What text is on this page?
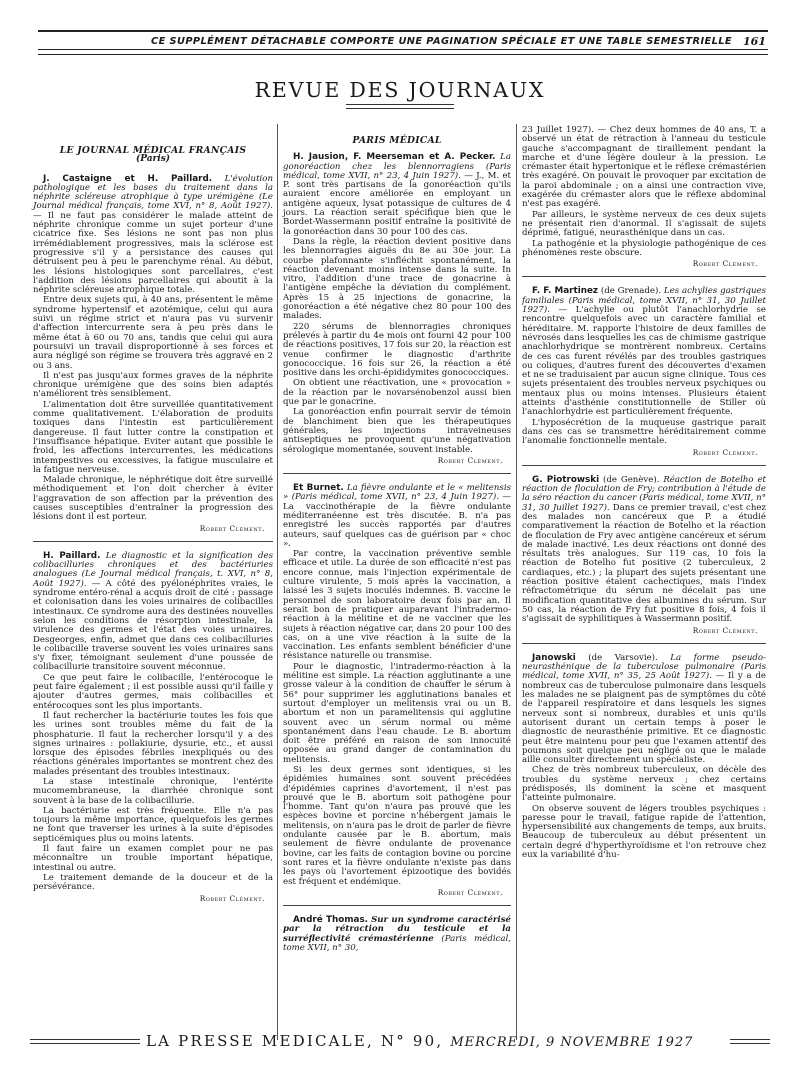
CE SUPPLÉMENT DÉTACHABLE COMPORTE UNE PAGINATION SPÉCIALE ET UNE TABLE SEMESTRIELLE 161
REVUE DES JOURNAUX
LE JOURNAL MÉDICAL FRANÇAIS
(Paris)

J. Castaigne et H. Paillard. L'évolution pathologique et les bases du traitement dans la néphrite scléreuse atrophique à type urémigène (Le Journal médical français, tome XVI, n° 8, Août 1927). — Il ne faut pas considérer le malade atteint de néphrite chronique comme un sujet porteur d'une cicatrice fixe. Ses lésions ne sont pas non plus irrémédiablement progressives, mais la sclérose est progressive s'il y a persistance des causes qui détruisent peu à peu le parenchyme rénal. Au début, les lésions histologiques sont parcellaires, c'est l'addition des lésions parcellaires qui aboutit à la néphrite scléreuse atrophique totale.

Entre deux sujets qui, à 40 ans, présentent le même syndrome hypertensif et azotémique, celui qui aura suivi un régime strict et n'aura pas vu survenir d'affection intercurrente sera à peu près dans le même état à 60 ou 70 ans, tandis que celui qui aura poursuivi un travail disproportionné à ses forces et aura négligé son régime se trouvera très aggravé en 2 ou 3 ans.

Il n'est pas jusqu'aux formes graves de la néphrite chronique urémigène que des soins bien adaptés n'améliorent très sensiblement.

L'alimentation doit être surveillée quantitativement comme qualitativement. L'élaboration de produits toxiques dans l'intestin est particulièrement dangereuse. Il faut lutter contre la constipation et l'insuffisance hépatique. Eviter autant que possible le froid, les affections intercurrentes, les médications intempestives ou excessives, la fatigue musculaire et la fatigue nerveuse.

Malade chronique, le néphrétique doit être surveillé méthodiquement et l'on doit chercher à éviter l'aggravation de son affection par la prévention des causes susceptibles d'entraîner la progression des lésions dont il est porteur.

Robert Clément.

H. Paillard. Le diagnostic et la signification des colibacilluries chroniques et des bactériuries analogues (Le Journal médical français, t. XVI, n° 8, Août 1927). — A côté des pyélonéphrites vraies, le syndrome entéro-rénal a acquis droit de cité : passage et colonisation dans les voies urinaires de colibacilles intestinaux. Ce syndrome aura des destinées nouvelles selon les conditions de résorption intestinale, la virulence des germes et l'état des voies urinaires. Desgeorges, enfin, admet que dans ces colibacilluries le colibacille traverse souvent les voies urinaires sans s'y fixer, témoignant seulement d'une poussée de colibacillurie transitoire souvent méconnue.

Ce que peut faire le colibacille, l'entérocoque le peut faire également ; il est possible aussi qu'il faille y ajouter d'autres germes, mais colibacilles et entérocoques sont les plus importants.

Il faut rechercher la bactériurie toutes les fois que les urines sont troubles même du fait de la phosphaturie. Il faut la rechercher lorsqu'il y a des signes urinaires : pollakiurie, dysurie, etc., et aussi lorsque des épisodes fébriles inexpliqués ou des réactions générales importantes se montrent chez des malades présentant des troubles intestinaux.

La stase intestinale chronique, l'entérite mucomembraneuse, la diarrhée chronique sont souvent à la base de la colibacillurie.

La bactériurie est très fréquente. Elle n'a pas toujours la même importance, quelquefois les germes ne font que traverser les urines à la suite d'épisodes septicémiques plus ou moins latents.

Il faut faire un examen complet pour ne pas méconnaître un trouble important hépatique, intestinal ou autre.

Le traitement demande de la douceur et de la persévérance.

Robert Clément.
PARIS MÉDICAL

H. Jausion, F. Meerseman et A. Pecker. La gonoréaction chez les blennorragiens (Paris médical, tome XVII, n° 23, 4 Juin 1927). — J., M. et P. sont très partisans de la gonoréaction qu'ils auraient encore améliorée en employant un antigène aqueux, lysat potassique de cultures de 4 jours. La réaction serait spécifique bien que le Bordet-Wassermann positif entraîne la positivité de la gonoréaction dans 30 pour 100 des cas.

Dans la règle, la réaction devient positive dans les blennorragies aiguës du 8e au 30e jour. La courbe plafonnante s'infléchit spontanément, la réaction devenant moins intense dans la suite. In vitro, l'addition d'une trace de gonacrine à l'antigène empêche la déviation du complément. Après 15 à 25 injections de gonacrine, la gonoréaction a été négative chez 80 pour 100 des malades.

220 sérums de blennorragies chroniques prélevés à partir du 4e mois ont fourni 42 pour 100 de réactions positives, 17 fois sur 20, la réaction est venue confirmer le diagnostic d'arthrite gonococcique. 16 fois sur 26, la réaction a été positive dans les orchi-épididymites gonococciques.

On obtient une réactivation, une « provocation » de la réaction par le novarsénobenzol aussi bien que par le gonacrine.

La gonoréaction enfin pourrait servir de témoin de blanchiment bien que les thérapeutiques générales, les injections intraveineuses antiseptiques ne provoquent qu'une négativation sérologique momentanée, souvent instable.

Robert Clément.

Et Burnet. La fièvre ondulante et le « melitensis » (Paris médical, tome XVII, n° 23, 4 Juin 1927). — La vaccinothérapie de la fièvre ondulante méditerranéenne est très discutée. B. n'a pas enregistré les succès rapportés par d'autres auteurs, sauf quelques cas de guérison par « choc ».

Par contre, la vaccination préventive semble efficace et utile. La durée de son efficacité n'est pas encore connue, mais l'injection expérimentale de culture virulente, 5 mois après la vaccination, a laissé les 3 sujets inoculés indemnes. B. vaccine le personnel de son laboratoire deux fois par an. Il serait bon de pratiquer auparavant l'intradermo-réaction à la mélitine et de ne vacciner que les sujets à réaction négative car, dans 20 pour 100 des cas, on a une vive réaction à la suite de la vaccination. Les enfants semblent bénéficier d'une résistance naturelle ou transmise.

Pour le diagnostic, l'intradermo-réaction à la mélitine est simple. La réaction agglutinante a une grosse valeur à la condition de chauffer le sérum à 56° pour supprimer les agglutinations banales et surtout d'employer un melitensis vrai ou un B. abortum et non un paramelitensis qui agglutine souvent avec un sérum normal ou même spontanément dans l'eau chaude. Le B. abortum doit être préféré en raison de son innocuité opposée au grand danger de contamination du melitensis.

Si les deux germes sont identiques, si les épidémies humaines sont souvent précédées d'épidémies caprines d'avortement, il n'est pas prouvé que le B. abortum soit pathogène pour l'homme. Tant qu'on n'aura pas prouvé que les espèces bovine et porcine n'hébergent jamais le melitensis, on n'aura pas le droit de parler de fièvre ondulante causée par le B. abortum, mais seulement de fièvre ondulante de provenance bovine, car les faits de contagion bovine ou porcine sont rares et la fièvre ondulante n'existe pas dans les pays où l'avortement épizootique des bovidés est fréquent et endémique.

Robert Clément.

André Thomas. Sur un syndrome caractérisé par la rétraction du testicule et la surréflectivité crémastérienne (Paris médical, tome XVII, n° 30,

23 Juillet 1927). — Chez deux hommes de 40 ans, T. a observé un état de rétraction à l'anneau du testicule gauche s'accompagnant de tiraillement pendant la marche et d'une légère douleur à la pression. Le crémaster était hypertonique et le réflexe crémastérien très exagéré. On pouvait le provoquer par excitation de la paroi abdominale ; on a ainsi une contraction vive, exagérée du crémaster alors que le réflexe abdominal n'est pas exagéré.

Par ailleurs, le système nerveux de ces deux sujets ne présentait rien d'anormal. Il s'agissait de sujets déprimé, fatigué, neurasthénique dans un cas.

La pathogénie et la physiologie pathogénique de ces phénomènes reste obscure.

Robert Clément.

F. F. Martinez (de Grenade). Les achylies gastriques familiales (Paris médical, tome XVII, n° 31, 30 Juillet 1927). — L'achylie ou plutôt l'anachlorhydrie se rencontre quelquefois avec un caractère familial et héréditaire. M. rapporte l'histoire de deux familles de névrosés dans lesquelles les cas de chimisme gastrique anachlorhydrique se montrèrent nombreux. Certains de ces cas furent révélés par des troubles gastriques ou coliques, d'autres furent des découvertes d'examen et ne se traduisaient par aucun signe clinique. Tous ces sujets présentaient des troubles nerveux psychiques ou mentaux plus ou moins intenses. Plusieurs étaient atteints d'asthénie constitutionnelle de Stiller où l'anachlorhydrie est particulièrement fréquente.

L'hyposécrétion de la muqueuse gastrique parait dans ces cas se transmettre héréditairement comme l'anomalie fonctionnelle mentale.

Robert Clément.

G. Piotrowski (de Genève). Réaction de Botelho et réaction de floculation de Fry; contribution à l'étude de la séro réaction du cancer (Paris médical, tome XVII, n° 31, 30 Juillet 1927). Dans ce premier travail, c'est chez des malades non cancéreux que P. a étudié comparativement la réaction de Botelho et la réaction de floculation de Fry avec antigène cancéreux et sérum de malade inactivé. Les deux réactions ont donné des résultats très analogues. Sur 119 cas, 10 fois la réaction de Botelho fut positive (2 tuberculeux, 2 cardiaques, etc.) ; la plupart des sujets présentant une réaction positive étaient cachectiques, mais l'index réfractométrique du sérum ne décelait pas une modification quantitative des albumines du sérum. Sur 50 cas, la réaction de Fry fut positive 8 fois, 4 fois il s'agissait de syphilitiques à Wassermann positif.

Robert Clément.

Janowski (de Varsovie). La forme pseudo-neurasthénique de la tuberculose pulmonaire (Paris médical, tome XVII, n° 35, 25 Août 1927). — Il y a de nombreux cas de tuberculose pulmonaire dans lesquels les malades ne se plaignent pas de symptômes du côté de l'appareil respiratoire et dans lesquels les signes nerveux sont si nombreux, durables et unis qu'ils autorisent durant un certain temps à poser le diagnostic de neurasthénie primitive. Et ce diagnostic peut être maintenu pour peu que l'examen attentif des poumons soit quelque peu négligé ou que le malade aille consulter directement un spécialiste.

Chez de très nombreux tuberculeux, on décèle des troubles du système nerveux ; chez certains prédisposés, ils dominent la scène et masquent l'atteinte pulmonaire.

On observe souvent de légers troubles psychiques : paresse pour le travail, fatigue rapide de l'attention, hypersensibilité aux changements de temps, aux bruits. Beaucoup de tuberculeux au début présentent un certain degré d'hyperthyroïdisme et l'on retrouve chez eux la variabilité d'hu-

LA PRESSE MEDICALE, N° 90, MERCREDI, 9 NOVEMBRE 1927
